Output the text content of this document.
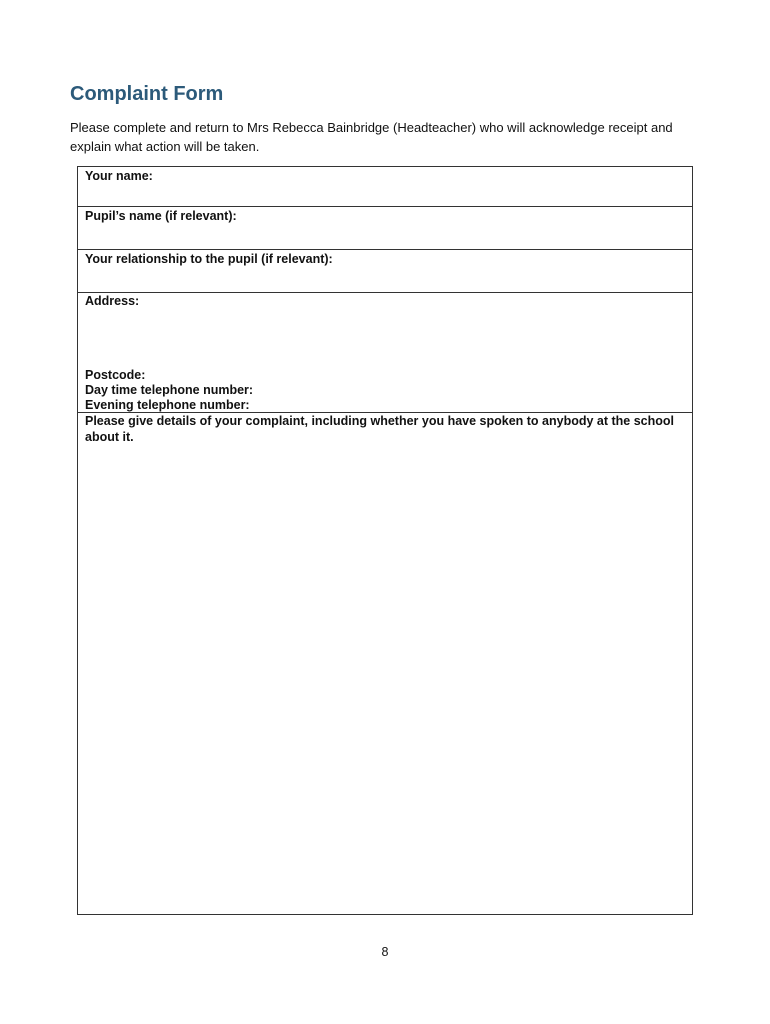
Complaint Form

Please complete and return to Mrs Rebecca Bainbridge (Headteacher) who will acknowledge receipt and explain what action will be taken.

Your name:

Pupil’s name (if relevant):

Your relationship to the pupil (if relevant):

Address:

Postcode:

Day time telephone number:

Evening telephone number:

Please give details of your complaint, including whether you have spoken to anybody at the school about it.

8
